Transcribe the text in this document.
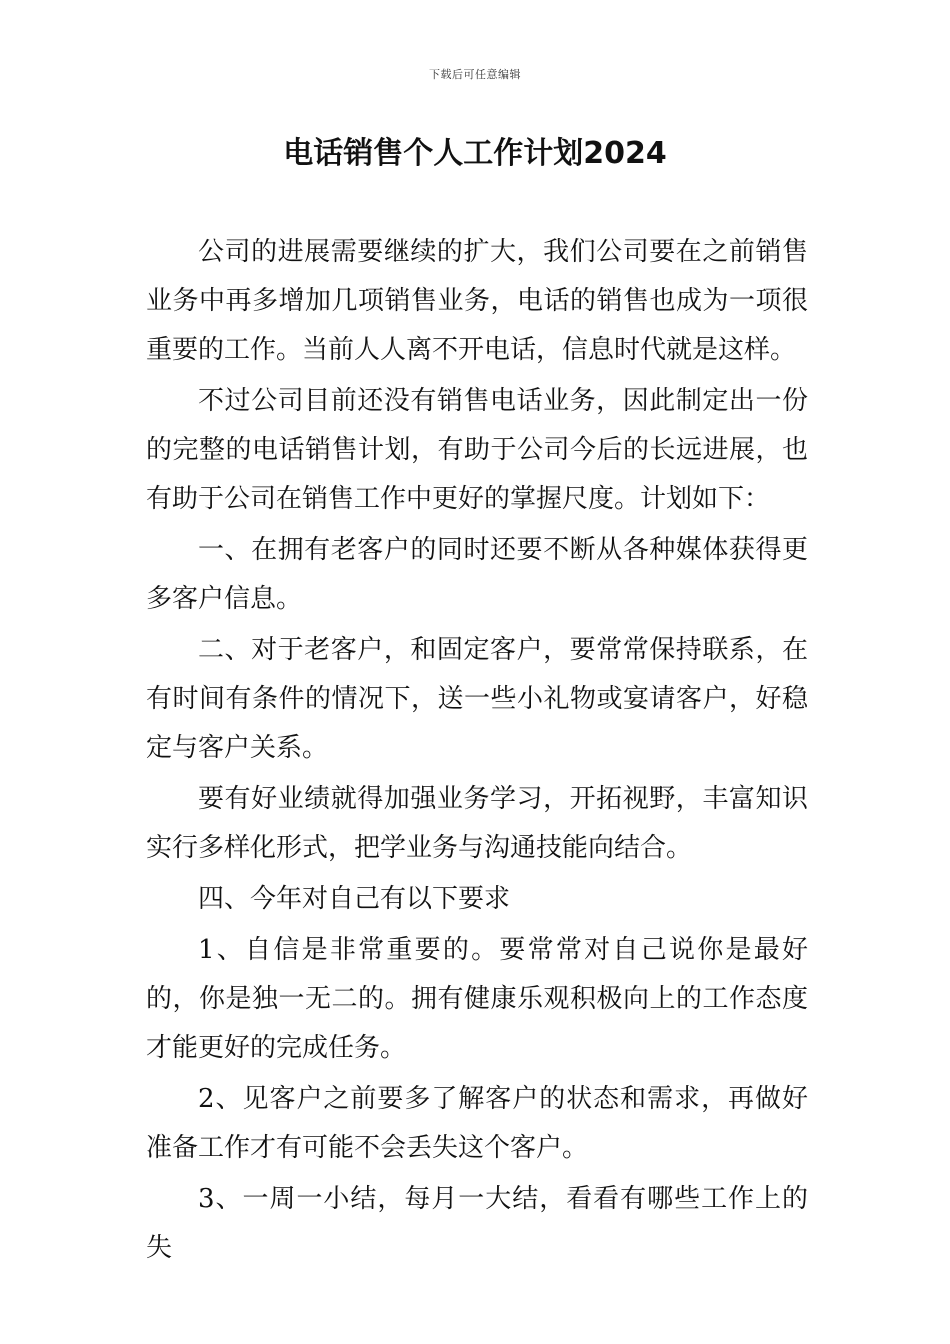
下载后可任意编辑
电话销售个人工作计划2024

公司的进展需要继续的扩大，我们公司要在之前销售业务中再多增加几项销售业务，电话的销售也成为一项很重要的工作。当前人人离不开电话，信息时代就是这样。

不过公司目前还没有销售电话业务，因此制定出一份的完整的电话销售计划，有助于公司今后的长远进展，也有助于公司在销售工作中更好的掌握尺度。计划如下：

一、在拥有老客户的同时还要不断从各种媒体获得更多客户信息。

二、对于老客户，和固定客户，要常常保持联系，在有时间有条件的情况下，送一些小礼物或宴请客户，好稳定与客户关系。

要有好业绩就得加强业务学习，开拓视野，丰富知识实行多样化形式，把学业务与沟通技能向结合。

四、今年对自己有以下要求

1、自信是非常重要的。要常常对自己说你是最好的，你是独一无二的。拥有健康乐观积极向上的工作态度才能更好的完成任务。

2、见客户之前要多了解客户的状态和需求，再做好准备工作才有可能不会丢失这个客户。

3、一周一小结，每月一大结，看看有哪些工作上的失
